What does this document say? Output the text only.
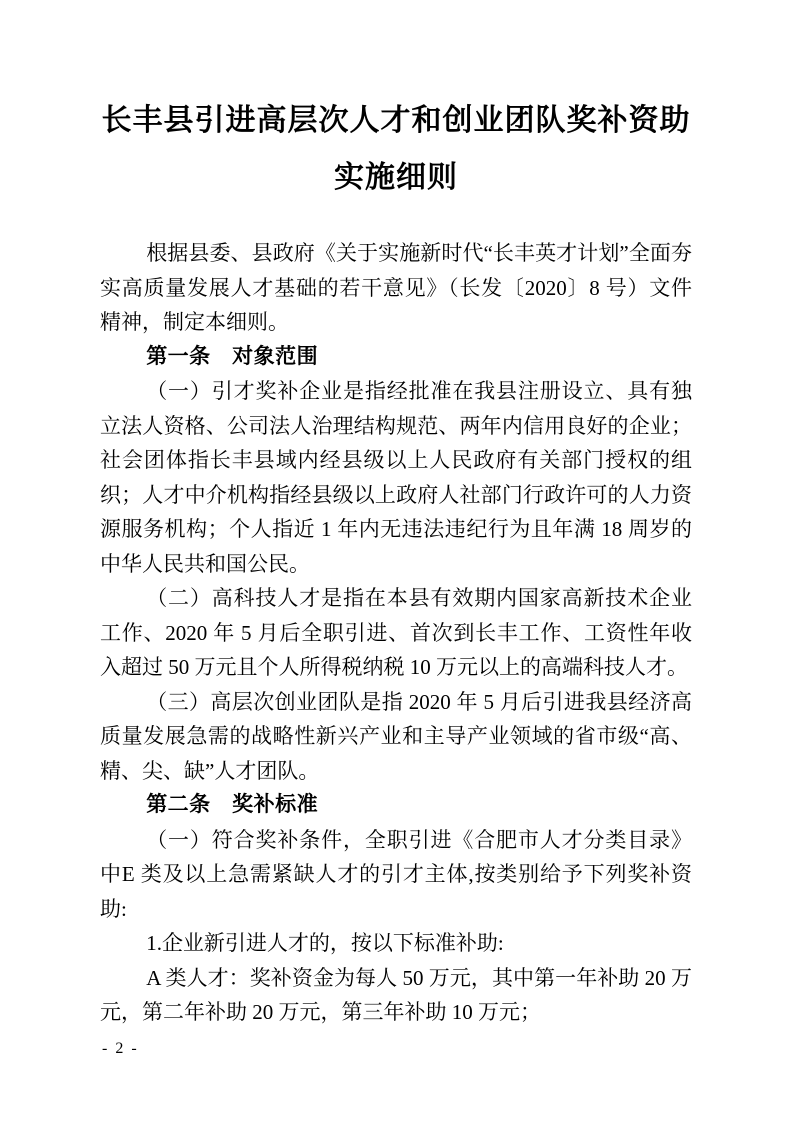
长丰县引进高层次人才和创业团队奖补资助
实施细则

根据县委、县政府《关于实施新时代“长丰英才计划”全面夯实高质量发展人才基础的若干意见》（长发〔2020〕8 号）文件精神，制定本细则。

第一条　对象范围

（一）引才奖补企业是指经批准在我县注册设立、具有独立法人资格、公司法人治理结构规范、两年内信用良好的企业；社会团体指长丰县域内经县级以上人民政府有关部门授权的组织；人才中介机构指经县级以上政府人社部门行政许可的人力资源服务机构；个人指近 1 年内无违法违纪行为且年满 18 周岁的中华人民共和国公民。

（二）高科技人才是指在本县有效期内国家高新技术企业工作、2020 年 5 月后全职引进、首次到长丰工作、工资性年收入超过 50 万元且个人所得税纳税 10 万元以上的高端科技人才。

（三）高层次创业团队是指 2020 年 5 月后引进我县经济高质量发展急需的战略性新兴产业和主导产业领域的省市级“高、精、尖、缺”人才团队。

第二条　奖补标准

（一）符合奖补条件，全职引进《合肥市人才分类目录》中E 类及以上急需紧缺人才的引才主体,按类别给予下列奖补资助:

1.企业新引进人才的，按以下标准补助:

A 类人才：奖补资金为每人 50 万元，其中第一年补助 20 万元，第二年补助 20 万元，第三年补助 10 万元；

- 2 -
